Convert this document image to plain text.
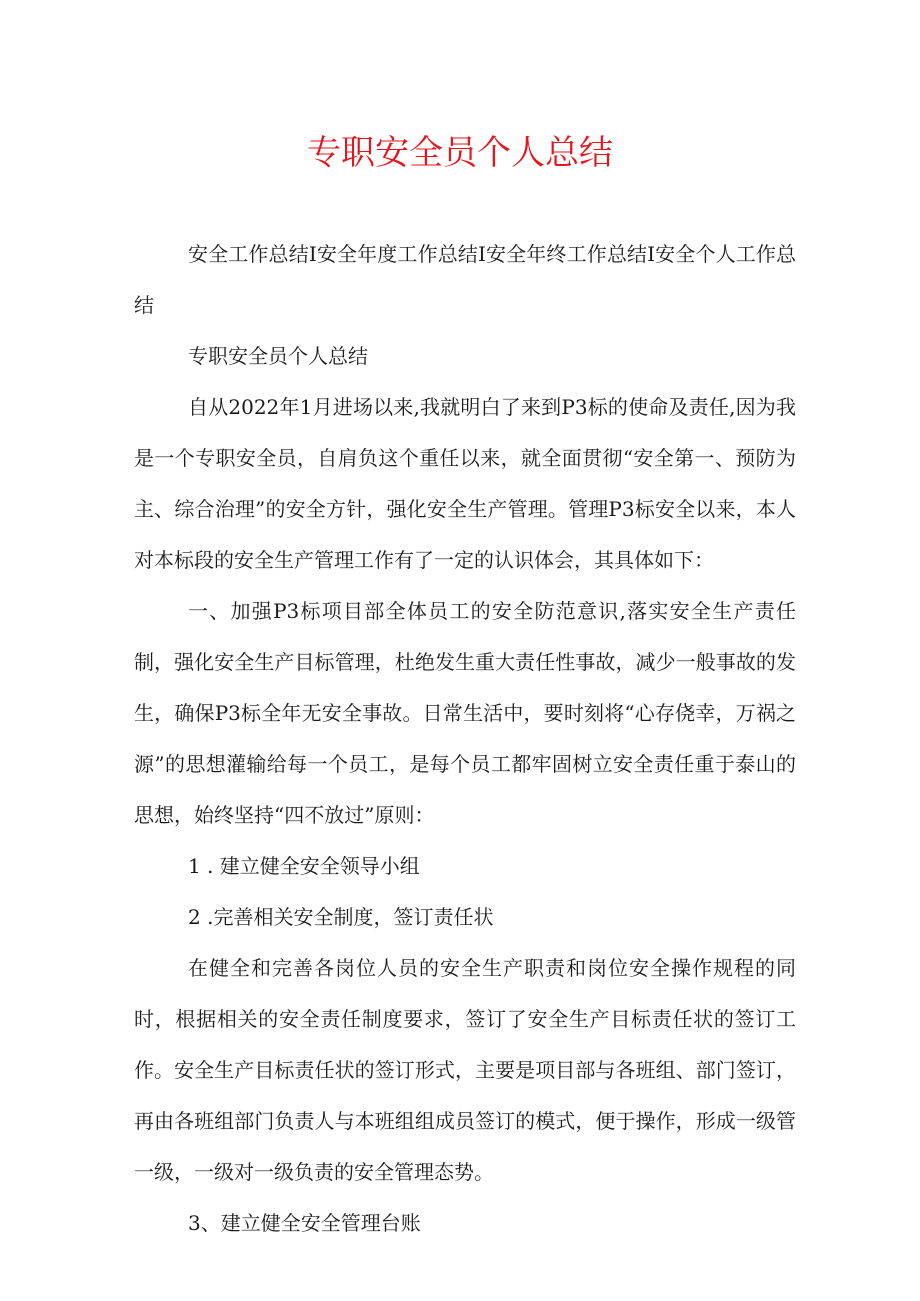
专职安全员个人总结

安全工作总结I安全年度工作总结I安全年终工作总结I安全个人工作总结

专职安全员个人总结

自从2022年1月进场以来,我就明白了来到P3标的使命及责任,因为我是一个专职安全员，自肩负这个重任以来，就全面贯彻“安全第一、预防为主、综合治理”的安全方针，强化安全生产管理。管理P3标安全以来，本人对本标段的安全生产管理工作有了一定的认识体会，其具体如下：

一、加强P3标项目部全体员工的安全防范意识,落实安全生产责任制，强化安全生产目标管理，杜绝发生重大责任性事故，减少一般事故的发生，确保P3标全年无安全事故。日常生活中，要时刻将“心存侥幸，万祸之源”的思想灌输给每一个员工，是每个员工都牢固树立安全责任重于泰山的思想，始终坚持“四不放过”原则：

1 . 建立健全安全领导小组

2 .完善相关安全制度，签订责任状

在健全和完善各岗位人员的安全生产职责和岗位安全操作规程的同时，根据相关的安全责任制度要求，签订了安全生产目标责任状的签订工作。安全生产目标责任状的签订形式，主要是项目部与各班组、部门签订，再由各班组部门负责人与本班组组成员签订的模式，便于操作，形成一级管一级，一级对一级负责的安全管理态势。

3、建立健全安全管理台账
